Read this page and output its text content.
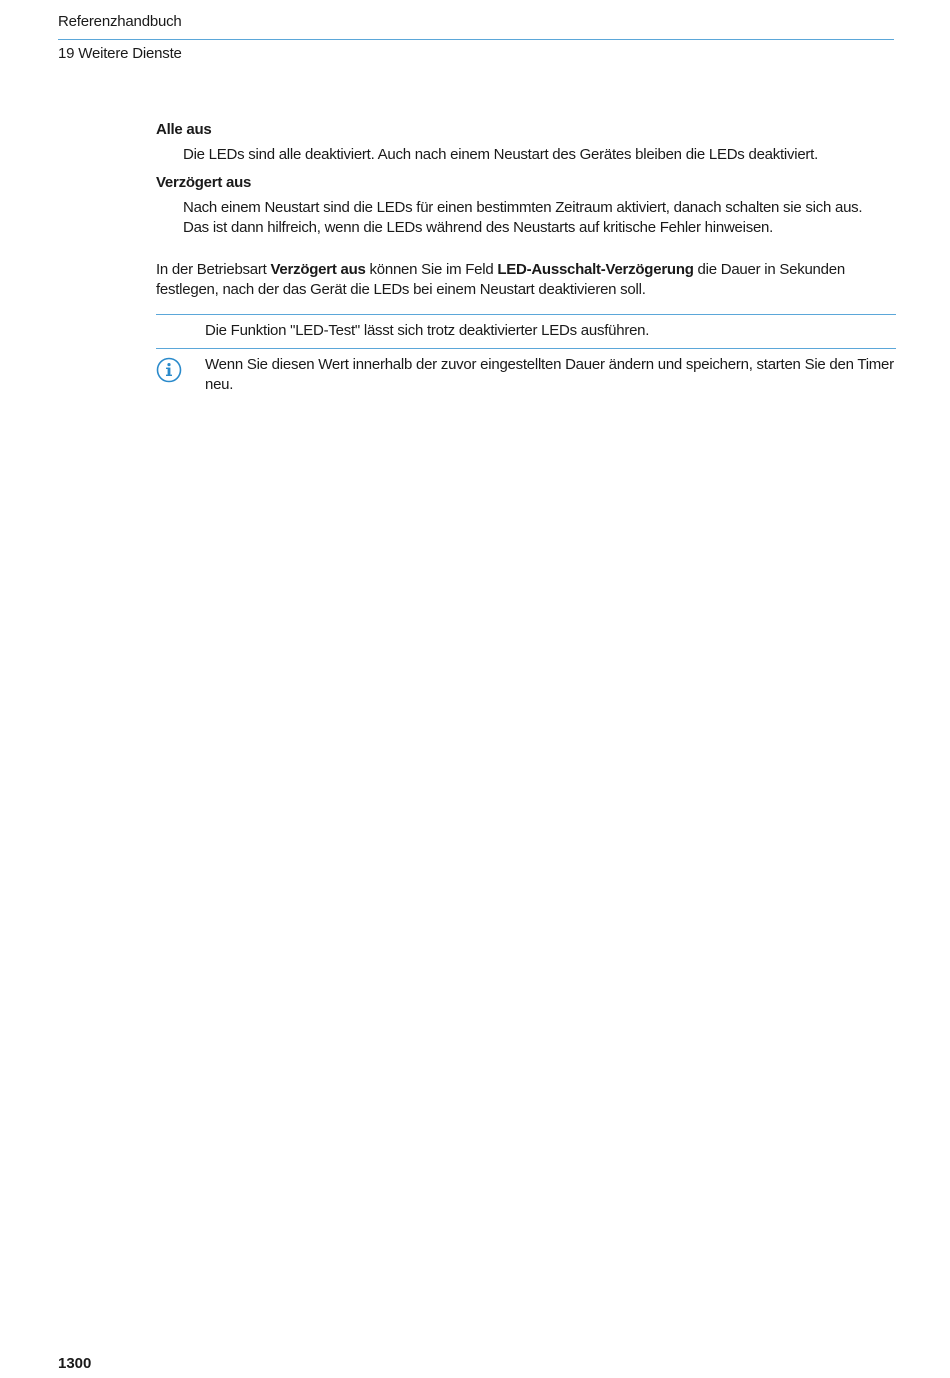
Referenzhandbuch
19 Weitere Dienste

Alle aus

Die LEDs sind alle deaktiviert. Auch nach einem Neustart des Gerätes bleiben die LEDs deaktiviert.

Verzögert aus

Nach einem Neustart sind die LEDs für einen bestimmten Zeitraum aktiviert, danach schalten sie sich aus.

Das ist dann hilfreich, wenn die LEDs während des Neustarts auf kritische Fehler hinweisen.

In der Betriebsart Verzögert aus können Sie im Feld LED-Ausschalt-Verzögerung die Dauer in Sekunden festlegen, nach der das Gerät die LEDs bei einem Neustart deaktivieren soll.
Die Funktion "LED-Test" lässt sich trotz deaktivierter LEDs ausführen.
Wenn Sie diesen Wert innerhalb der zuvor eingestellten Dauer ändern und speichern, starten Sie den Timer neu.
1300
